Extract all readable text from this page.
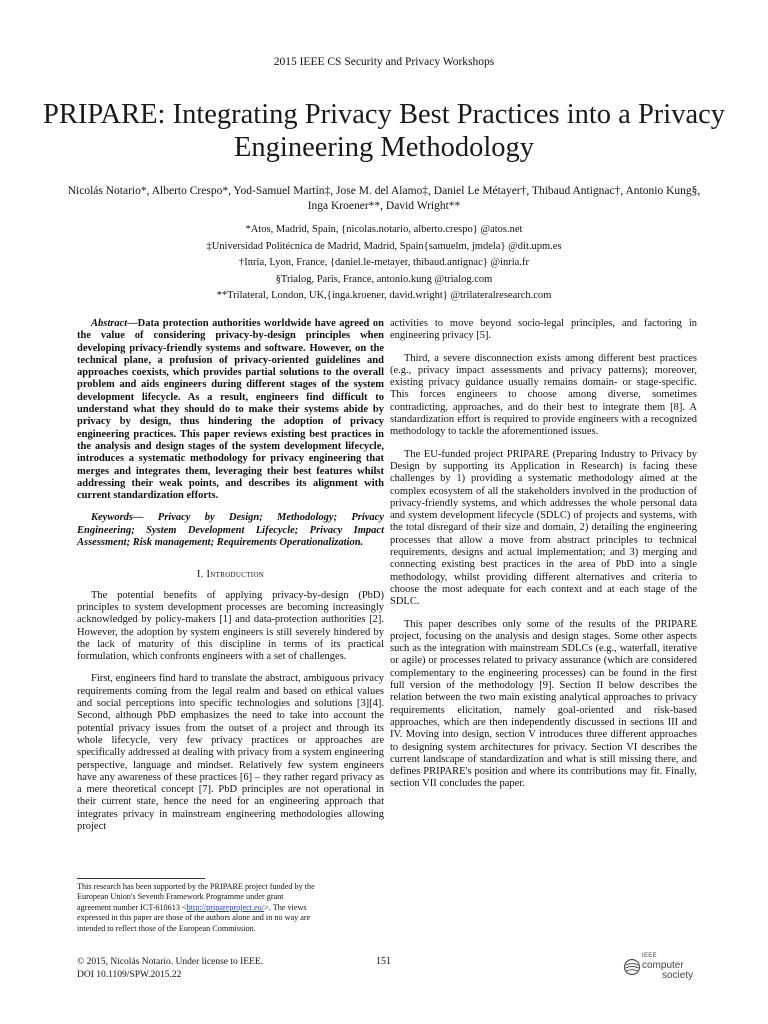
2015 IEEE CS Security and Privacy Workshops
PRIPARE: Integrating Privacy Best Practices into a Privacy Engineering Methodology
Nicolás Notario*, Alberto Crespo*, Yod-Samuel Martín‡, Jose M. del Alamo‡, Daniel Le Métayer†, Thibaud Antignac†, Antonio Kung§, Inga Kroener**, David Wright**
*Atos, Madrid, Spain, {nicolas.notario, alberto.crespo} @atos.net
‡Universidad Politécnica de Madrid, Madrid, Spain{samuelm, jmdela} @dit.upm.es
†Inria, Lyon, France, {daniel.le-metayer, thibaud.antignac} @inria.fr
§Trialog, Paris, France, antonio.kung @trialog.com
**Trilateral, London, UK,{inga.kroener, david.wright} @trilateralresearch.com

Abstract—Data protection authorities worldwide have agreed on the value of considering privacy-by-design principles when developing privacy-friendly systems and software. However, on the technical plane, a profusion of privacy-oriented guidelines and approaches coexists, which provides partial solutions to the overall problem and aids engineers during different stages of the system development lifecycle. As a result, engineers find difficult to understand what they should do to make their systems abide by privacy by design, thus hindering the adoption of privacy engineering practices. This paper reviews existing best practices in the analysis and design stages of the system development lifecycle, introduces a systematic methodology for privacy engineering that merges and integrates them, leveraging their best features whilst addressing their weak points, and describes its alignment with current standardization efforts.

Keywords— Privacy by Design; Methodology; Privacy Engineering; System Development Lifecycle; Privacy Impact Assessment; Risk management; Requirements Operationalization.

I. Introduction

The potential benefits of applying privacy-by-design (PbD) principles to system development processes are becoming increasingly acknowledged by policy-makers [1] and data-protection authorities [2]. However, the adoption by system engineers is still severely hindered by the lack of maturity of this discipline in terms of its practical formulation, which confronts engineers with a set of challenges.

First, engineers find hard to translate the abstract, ambiguous privacy requirements coming from the legal realm and based on ethical values and social perceptions into specific technologies and solutions [3][4]. Second, although PbD emphasizes the need to take into account the potential privacy issues from the outset of a project and through its whole lifecycle, very few privacy practices or approaches are specifically addressed at dealing with privacy from a system engineering perspective, language and mindset. Relatively few system engineers have any awareness of these practices [6] – they rather regard privacy as a mere theoretical concept [7]. PbD principles are not operational in their current state, hence the need for an engineering approach that integrates privacy in mainstream engineering methodologies allowing project

activities to move beyond socio-legal principles, and factoring in engineering privacy [5].

Third, a severe disconnection exists among different best practices (e.g., privacy impact assessments and privacy patterns); moreover, existing privacy guidance usually remains domain- or stage-specific. This forces engineers to choose among diverse, sometimes contradicting, approaches, and do their best to integrate them [8]. A standardization effort is required to provide engineers with a recognized methodology to tackle the aforementioned issues.

The EU-funded project PRIPARE (Preparing Industry to Privacy by Design by supporting its Application in Research) is facing these challenges by 1) providing a systematic methodology aimed at the complex ecosystem of all the stakeholders involved in the production of privacy-friendly systems, and which addresses the whole personal data and system development lifecycle (SDLC) of projects and systems, with the total disregard of their size and domain, 2) detailing the engineering processes that allow a move from abstract principles to technical requirements, designs and actual implementation; and 3) merging and connecting existing best practices in the area of PbD into a single methodology, whilst providing different alternatives and criteria to choose the most adequate for each context and at each stage of the SDLC.

This paper describes only some of the results of the PRIPARE project, focusing on the analysis and design stages. Some other aspects such as the integration with mainstream SDLCs (e.g., waterfall, iterative or agile) or processes related to privacy assurance (which are considered complementary to the engineering processes) can be found in the first full version of the methodology [9]. Section II below describes the relation between the two main existing analytical approaches to privacy requirements elicitation, namely goal-oriented and risk-based approaches, which are then independently discussed in sections III and IV. Moving into design, section V introduces three different approaches to designing system architectures for privacy. Section VI describes the current landscape of standardization and what is still missing there, and defines PRIPARE's position and where its contributions may fit. Finally, section VII concludes the paper.

This research has been supported by the PRIPARE project funded by the European Union's Seventh Framework Programme under grant agreement number ICT-610613 <http://pripareproject.eu/>. The views expressed in this paper are those of the authors alone and in no way are intended to reflect those of the European Commission.
© 2015, Nicolás Notario. Under license to IEEE.
DOI 10.1109/SPW.2015.22
151	IEEE
computer
society
